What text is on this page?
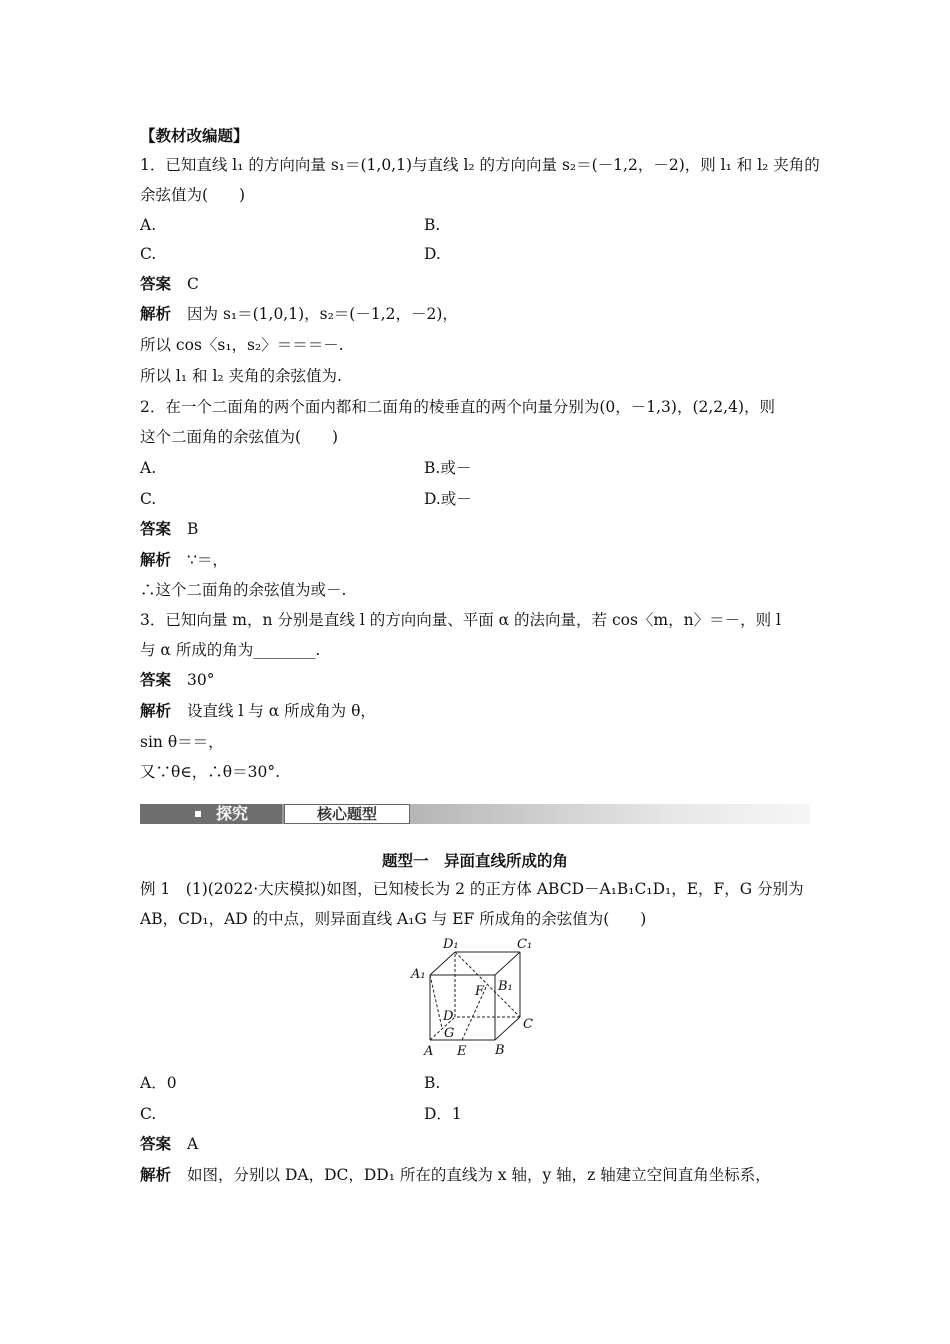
【教材改编题】
1．已知直线 l₁ 的方向向量 s₁＝(1,0,1)与直线 l₂ 的方向向量 s₂＝(－1,2，－2)，则 l₁ 和 l₂ 夹角的
余弦值为(　　)
A.	B.
C.	D.
答案 C
解析 因为 s₁＝(1,0,1)，s₂＝(－1,2，－2)，
所以 cos〈s₁，s₂〉＝＝＝－.
所以 l₁ 和 l₂ 夹角的余弦值为.
2．在一个二面角的两个面内都和二面角的棱垂直的两个向量分别为(0，－1,3)，(2,2,4)，则
这个二面角的余弦值为(　　)
A.	B.或－
C.	D.或－
答案 B
解析 ∵＝，
∴这个二面角的余弦值为或－.
3．已知向量 m，n 分别是直线 l 的方向向量、平面 α 的法向量，若 cos〈m，n〉＝－，则 l
与 α 所成的角为________.
答案 30°
解析 设直线 l 与 α 所成角为 θ，
sin θ＝＝，
又∵θ∈，∴θ＝30°.
探究	核心题型
题型一　异面直线所成的角
例 1　(1)(2022·大庆模拟)如图，已知棱长为 2 的正方体 ABCD－A₁B₁C₁D₁，E，F，G 分别为
AB，CD₁，AD 的中点，则异面直线 A₁G 与 EF 所成角的余弦值为(　　)
D₁	C₁
A₁
B₁
F
D
G
C
A E B
A．0	B.
C.	D．1
答案 A
解析 如图，分别以 DA，DC，DD₁ 所在的直线为 x 轴，y 轴，z 轴建立空间直角坐标系，
